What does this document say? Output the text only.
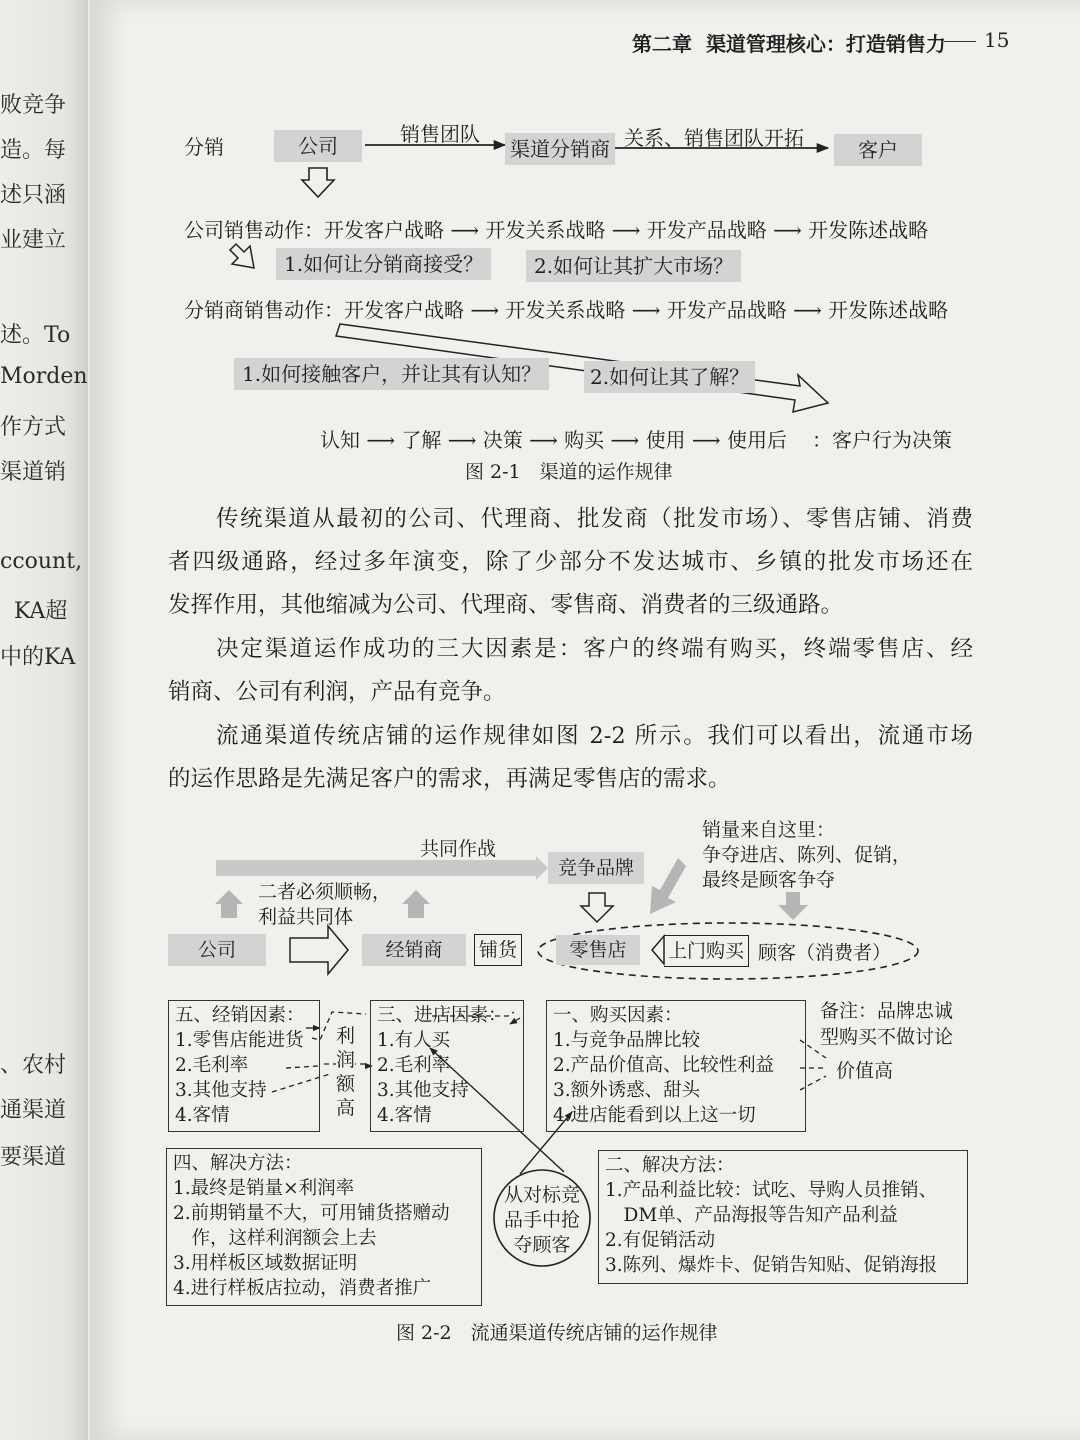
败竞争
造。每
述只涵
业建立
述。To
Morden
作方式
渠道销
ccount,
KA超
中的KA
、农村
通渠道
要渠道
第二章 渠道管理核心：打造销售力 15
分销	公司	销售团队
渠道分销商 关系、销售团队开拓	客户
公司销售动作：开发客户战略 ⟶ 开发关系战略 ⟶ 开发产品战略 ⟶ 开发陈述战略
1.如何让分销商接受？	2.如何让其扩大市场？
分销商销售动作：开发客户战略 ⟶ 开发关系战略 ⟶ 开发产品战略 ⟶ 开发陈述战略
1.如何接触客户，并让其有认知？	2.如何让其了解？
认知 ⟶ 了解 ⟶ 决策 ⟶ 购买 ⟶ 使用 ⟶ 使用后 ：客户行为决策
图 2-1　渠道的运作规律
传统渠道从最初的公司、代理商、批发商（批发市场）、零售店铺、消费
者四级通路，经过多年演变，除了少部分不发达城市、乡镇的批发市场还在
发挥作用，其他缩减为公司、代理商、零售商、消费者的三级通路。
决定渠道运作成功的三大因素是：客户的终端有购买，终端零售店、经
销商、公司有利润，产品有竞争。
流通渠道传统店铺的运作规律如图 2-2 所示。我们可以看出，流通市场
的运作思路是先满足客户的需求，再满足零售店的需求。
共同作战
竞争品牌
销量来自这里：
争夺进店、陈列、促销，
最终是顾客争夺
二者必须顺畅，
利益共同体
公司	经销商	铺货	零售店	上门购买 顾客（消费者）
五、经销因素：
1.零售店能进货
2.毛利率
3.其他支持
4.客情
利
润
额
高
三、进店因素：
1.有人买
2.毛利率
3.其他支持
4.客情
一、购买因素：
1.与竞争品牌比较
2.产品价值高、比较性利益
3.额外诱惑、甜头
4.进店能看到以上这一切
备注：品牌忠诚
型购买不做讨论
价值高
四、解决方法：
1.最终是销量×利润率
2.前期销量不大，可用铺货搭赠动
　作，这样利润额会上去
3.用样板区域数据证明
4.进行样板店拉动，消费者推广
从对标竞
品手中抢
夺顾客
二、解决方法：
1.产品利益比较：试吃、导购人员推销、
　DM单、产品海报等告知产品利益
2.有促销活动
3.陈列、爆炸卡、促销告知贴、促销海报
图 2-2　流通渠道传统店铺的运作规律
